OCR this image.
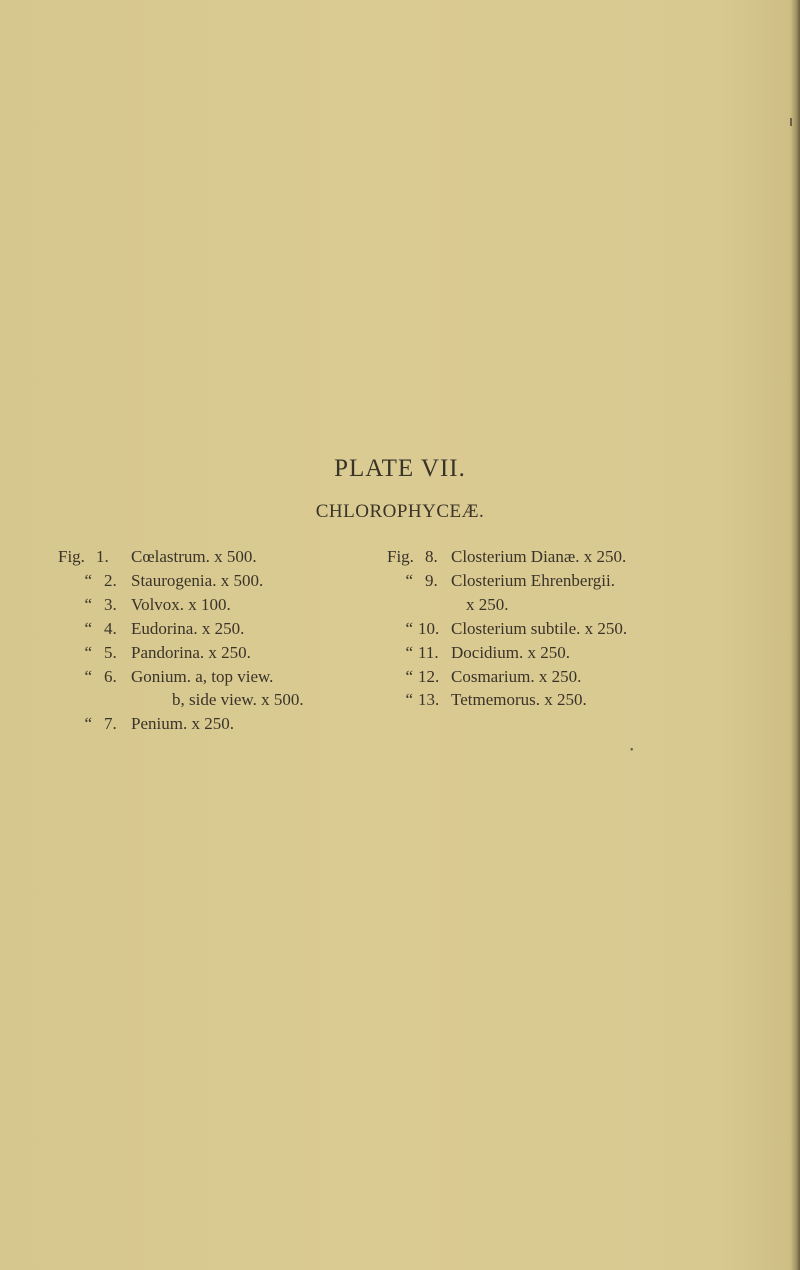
PLATE VII.
CHLOROPHYCEÆ.
Fig. 1. Cœlastrum. x 500.
“ 2. Staurogenia. x 500.
“ 3. Volvox. x 100.
“ 4. Eudorina. x 250.
“ 5. Pandorina. x 250.
“ 6. Gonium. a, top view.
b, side view. x 500.
“ 7. Penium. x 250.
Fig. 8. Closterium Dianæ. x 250.
“ 9. Closterium Ehrenbergii.
x 250.
“ 10. Closterium subtile. x 250.
“ 11. Docidium. x 250.
“ 12. Cosmarium. x 250.
“ 13. Tetmemorus. x 250.
•
